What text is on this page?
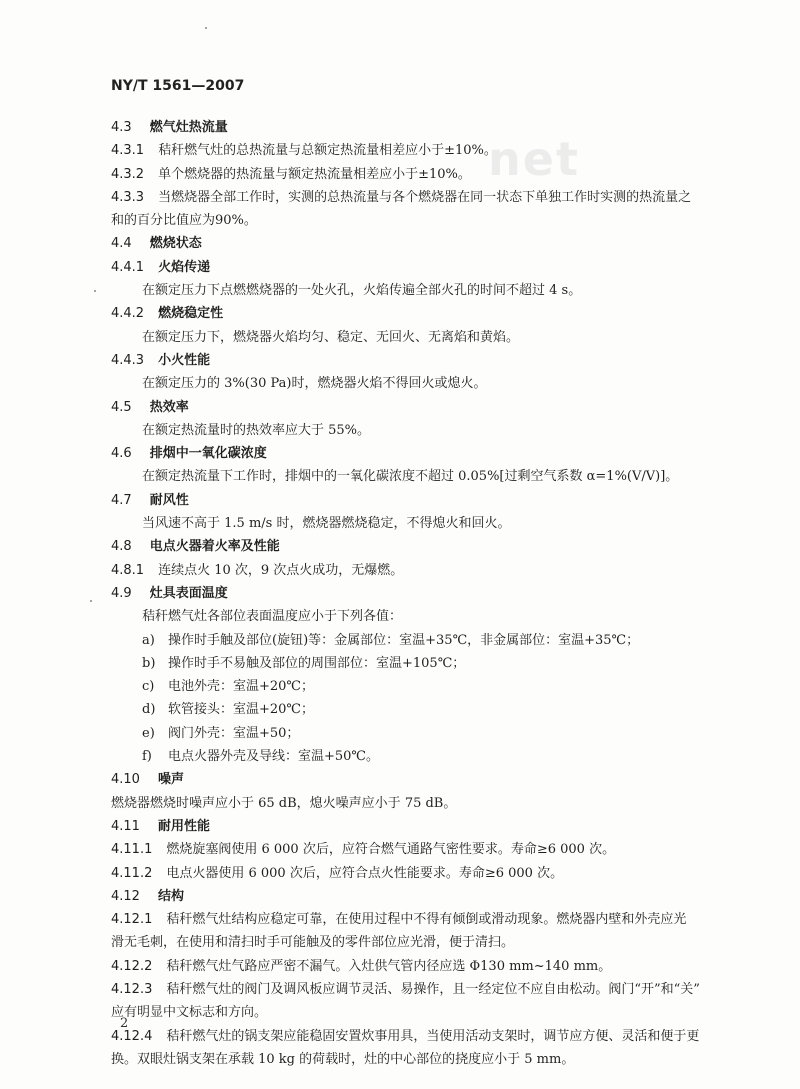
net
NY/T 1561—2007
4.3 燃气灶热流量
4.3.1 秸秆燃气灶的总热流量与总额定热流量相差应小于±10%。
4.3.2 单个燃烧器的热流量与额定热流量相差应小于±10%。
4.3.3 当燃烧器全部工作时，实测的总热流量与各个燃烧器在同一状态下单独工作时实测的热流量之
和的百分比值应为90%。
4.4 燃烧状态
4.4.1 火焰传递
在额定压力下点燃燃烧器的一处火孔，火焰传遍全部火孔的时间不超过 4 s。
4.4.2 燃烧稳定性
在额定压力下，燃烧器火焰均匀、稳定、无回火、无离焰和黄焰。
4.4.3 小火性能
在额定压力的 3%(30 Pa)时，燃烧器火焰不得回火或熄火。
4.5 热效率
在额定热流量时的热效率应大于 55%。
4.6 排烟中一氧化碳浓度
在额定热流量下工作时，排烟中的一氧化碳浓度不超过 0.05%[过剩空气系数 α=1%(V/V)]。
4.7 耐风性
当风速不高于 1.5 m/s 时，燃烧器燃烧稳定，不得熄火和回火。
4.8 电点火器着火率及性能
4.8.1 连续点火 10 次，9 次点火成功，无爆燃。
4.9 灶具表面温度
秸秆燃气灶各部位表面温度应小于下列各值：
a) 操作时手触及部位(旋钮)等：金属部位：室温+35℃，非金属部位：室温+35℃；
b) 操作时手不易触及部位的周围部位：室温+105℃；
c) 电池外壳：室温+20℃；
d) 软管接头：室温+20℃；
e) 阀门外壳：室温+50；
f) 电点火器外壳及导线：室温+50℃。
4.10 噪声
燃烧器燃烧时噪声应小于 65 dB，熄火噪声应小于 75 dB。
4.11 耐用性能
4.11.1 燃烧旋塞阀使用 6 000 次后，应符合燃气通路气密性要求。寿命≥6 000 次。
4.11.2 电点火器使用 6 000 次后，应符合点火性能要求。寿命≥6 000 次。
4.12 结构
4.12.1 秸秆燃气灶结构应稳定可靠，在使用过程中不得有倾倒或滑动现象。燃烧器内壁和外壳应光
滑无毛刺，在使用和清扫时手可能触及的零件部位应光滑，便于清扫。
4.12.2 秸秆燃气灶气路应严密不漏气。入灶供气管内径应选 Φ130 mm~140 mm。
4.12.3 秸秆燃气灶的阀门及调风板应调节灵活、易操作，且一经定位不应自由松动。阀门“开”和“关”
应有明显中文标志和方向。
4.12.4 秸秆燃气灶的锅支架应能稳固安置炊事用具，当使用活动支架时，调节应方便、灵活和便于更
换。双眼灶锅支架在承载 10 kg 的荷载时，灶的中心部位的挠度应小于 5 mm。
2
